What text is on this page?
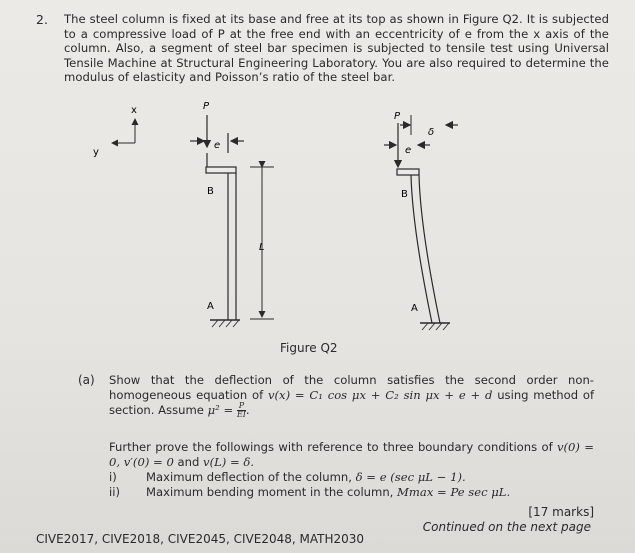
2. The steel column is fixed at its base and free at its top as shown in Figure Q2. It is subjected to a compressive load of P at the free end with an eccentricity of e from the x axis of the column. Also, a segment of steel bar specimen is subjected to tensile test using Universal Tensile Machine at Structural Engineering Laboratory. You are also required to determine the modulus of elasticity and Poisson’s ratio of the steel bar.
x
y
P
e
B
L
A
P
δ
e
B
A
Figure Q2
(a) Show that the deflection of the column satisfies the second order non-homogeneous equation of v(x) = C₁ cos μx + C₂ sin μx + e + d using method of section. Assume $\mu^2 = \frac{P}{EI}$ .
Further prove the followings with reference to three boundary conditions of v(0) = 0, v′(0) = 0 and v(L) = δ.
i)	Maximum deflection of the column, δ = e (sec μL − 1).
ii) Maximum bending moment in the column, Mmax = Pe sec μL.
[17 marks]
Continued on the next page
CIVE2017, CIVE2018, CIVE2045, CIVE2048, MATH2030
